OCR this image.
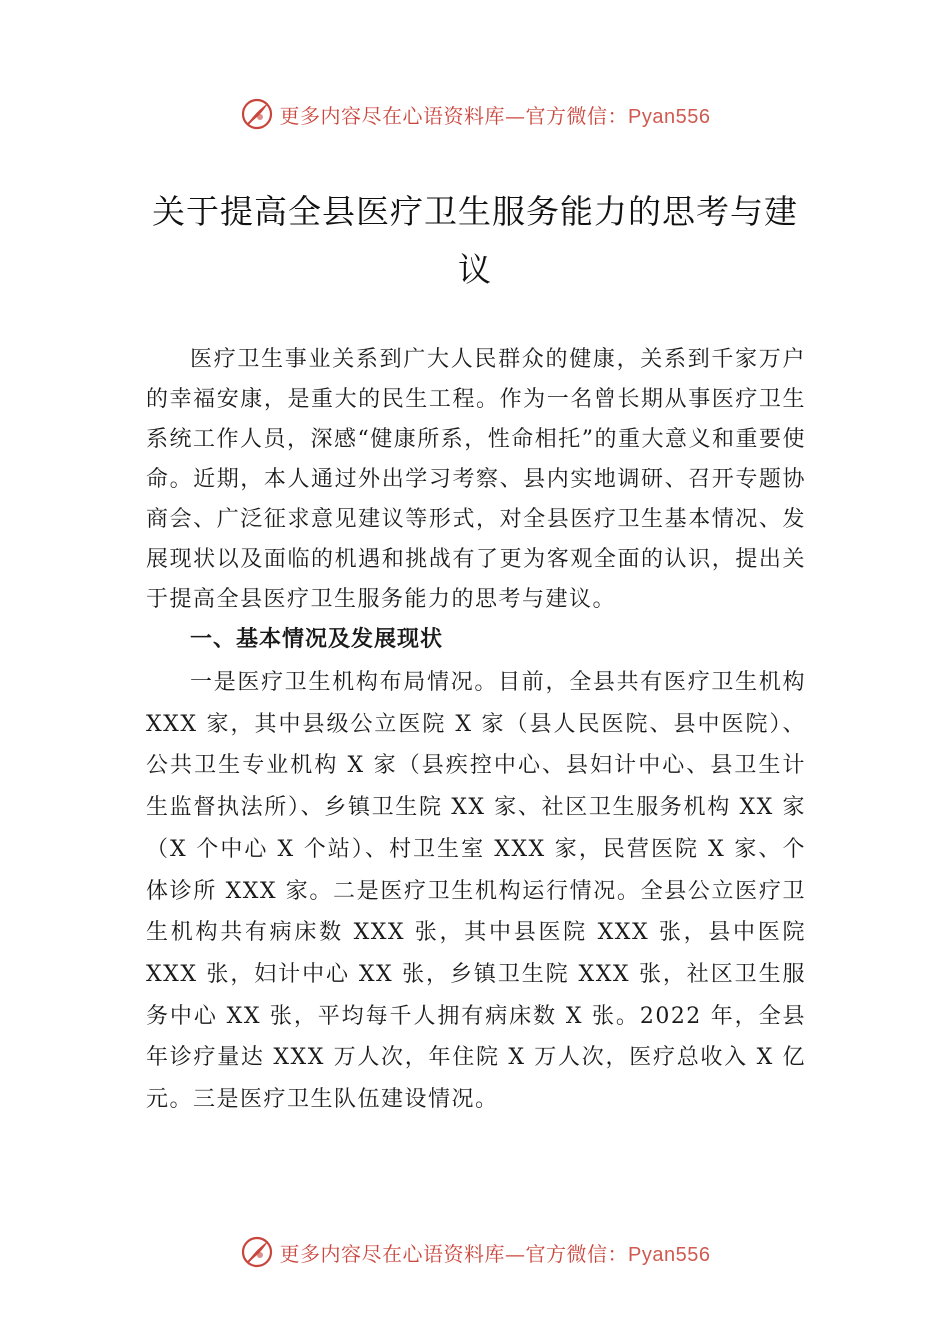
更多内容尽在心语资料库—官方微信：Pyan556
关于提高全县医疗卫生服务能力的思考与建议

医疗卫生事业关系到广大人民群众的健康，关系到千家万户的幸福安康，是重大的民生工程。作为一名曾长期从事医疗卫生系统工作人员，深感“健康所系，性命相托”的重大意义和重要使命。近期，本人通过外出学习考察、县内实地调研、召开专题协商会、广泛征求意见建议等形式，对全县医疗卫生基本情况、发展现状以及面临的机遇和挑战有了更为客观全面的认识，提出关于提高全县医疗卫生服务能力的思考与建议。

一、基本情况及发展现状

一是医疗卫生机构布局情况。目前，全县共有医疗卫生机构 XXX 家，其中县级公立医院 X 家（县人民医院、县中医院）、公共卫生专业机构 X 家（县疾控中心、县妇计中心、县卫生计生监督执法所）、乡镇卫生院 XX 家、社区卫生服务机构 XX 家（X 个中心 X 个站）、村卫生室 XXX 家，民营医院 X 家、个体诊所 XXX 家。二是医疗卫生机构运行情况。全县公立医疗卫生机构共有病床数 XXX 张，其中县医院 XXX 张，县中医院 XXX 张，妇计中心 XX 张，乡镇卫生院 XXX 张，社区卫生服务中心 XX 张，平均每千人拥有病床数 X 张。2022 年，全县年诊疗量达 XXX 万人次，年住院 X 万人次，医疗总收入 X 亿元。三是医疗卫生队伍建设情况。

更多内容尽在心语资料库—官方微信：Pyan556
